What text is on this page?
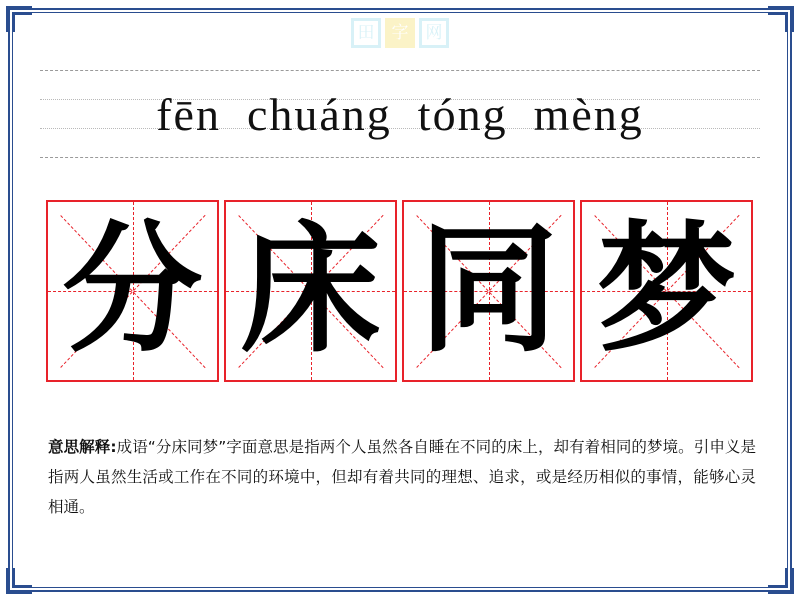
田	字	网
fēn chuáng tóng mèng
分 床 同 梦
意思解释:成语“分床同梦”字面意思是指两个人虽然各自睡在不同的床上，却有着相同的梦境。引申义是指两人虽然生活或工作在不同的环境中，但却有着共同的理想、追求，或是经历相似的事情，能够心灵相通。
